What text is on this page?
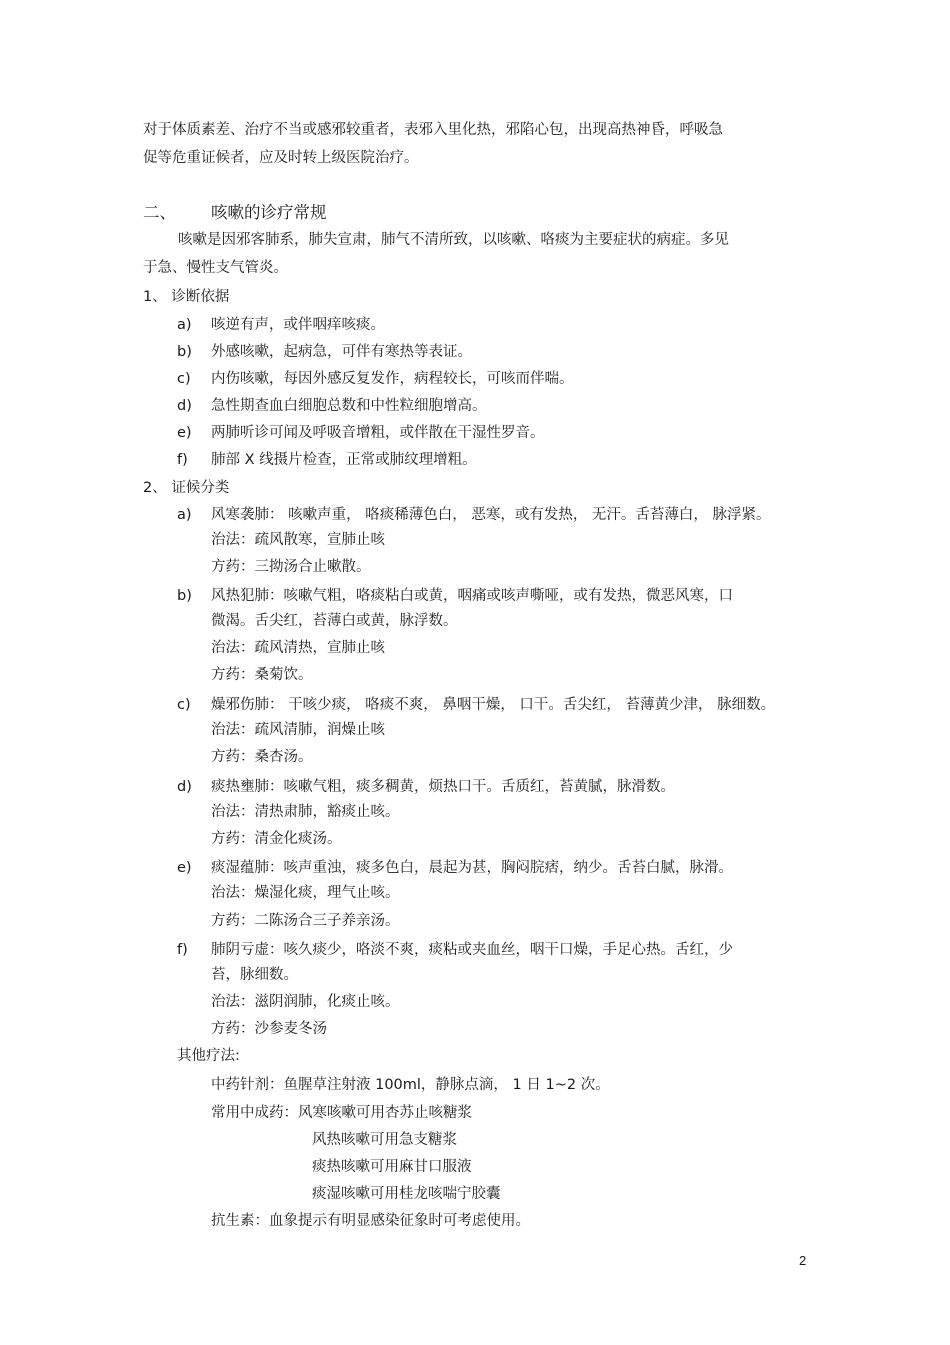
对于体质素差、治疗不当或感邪较重者，表邪入里化热，邪陷心包，出现高热神昏，呼吸急
促等危重证候者，应及时转上级医院治疗。
二、 咳嗽的诊疗常规
咳嗽是因邪客肺系，肺失宣肃，肺气不清所致，以咳嗽、咯痰为主要症状的病症。多见
于急、慢性支气管炎。
1、 诊断依据
a) 咳逆有声，或伴咽痒咳痰。
b) 外感咳嗽，起病急，可伴有寒热等表证。
c) 内伤咳嗽，每因外感反复发作，病程较长，可咳而伴喘。
d) 急性期查血白细胞总数和中性粒细胞增高。
e) 两肺听诊可闻及呼吸音增粗，或伴散在干湿性罗音。
f) 肺部 X 线摄片检查，正常或肺纹理增粗。
2、 证候分类
a) 风寒袭肺： 咳嗽声重， 咯痰稀薄色白， 恶寒，或有发热， 无汗。舌苔薄白， 脉浮紧。
治法：疏风散寒，宣肺止咳
方药：三拗汤合止嗽散。
b) 风热犯肺：咳嗽气粗，咯痰粘白或黄，咽痛或咳声嘶哑，或有发热，微恶风寒，口
微渴。舌尖红，苔薄白或黄，脉浮数。
治法：疏风清热，宣肺止咳
方药：桑菊饮。
c) 燥邪伤肺： 干咳少痰， 咯痰不爽， 鼻咽干燥， 口干。舌尖红， 苔薄黄少津， 脉细数。
治法：疏风清肺，润燥止咳
方药：桑杏汤。
d) 痰热壅肺：咳嗽气粗，痰多稠黄，烦热口干。舌质红，苔黄腻，脉滑数。
治法：清热肃肺，豁痰止咳。
方药：清金化痰汤。
e) 痰湿蕴肺：咳声重浊，痰多色白，晨起为甚，胸闷脘痞，纳少。舌苔白腻，脉滑。
治法：燥湿化痰，理气止咳。
方药：二陈汤合三子养亲汤。
f) 肺阴亏虚：咳久痰少，咯淡不爽，痰粘或夹血丝，咽干口燥，手足心热。舌红，少
苔，脉细数。
治法：滋阴润肺，化痰止咳。
方药：沙参麦冬汤
其他疗法:
中药针剂：鱼腥草注射液 100ml，静脉点滴， 1 日 1~2 次。
常用中成药：风寒咳嗽可用杏苏止咳糖浆
风热咳嗽可用急支糖浆
痰热咳嗽可用麻甘口服液
痰湿咳嗽可用桂龙咳喘宁胶囊
抗生素：血象提示有明显感染征象时可考虑使用。
2
